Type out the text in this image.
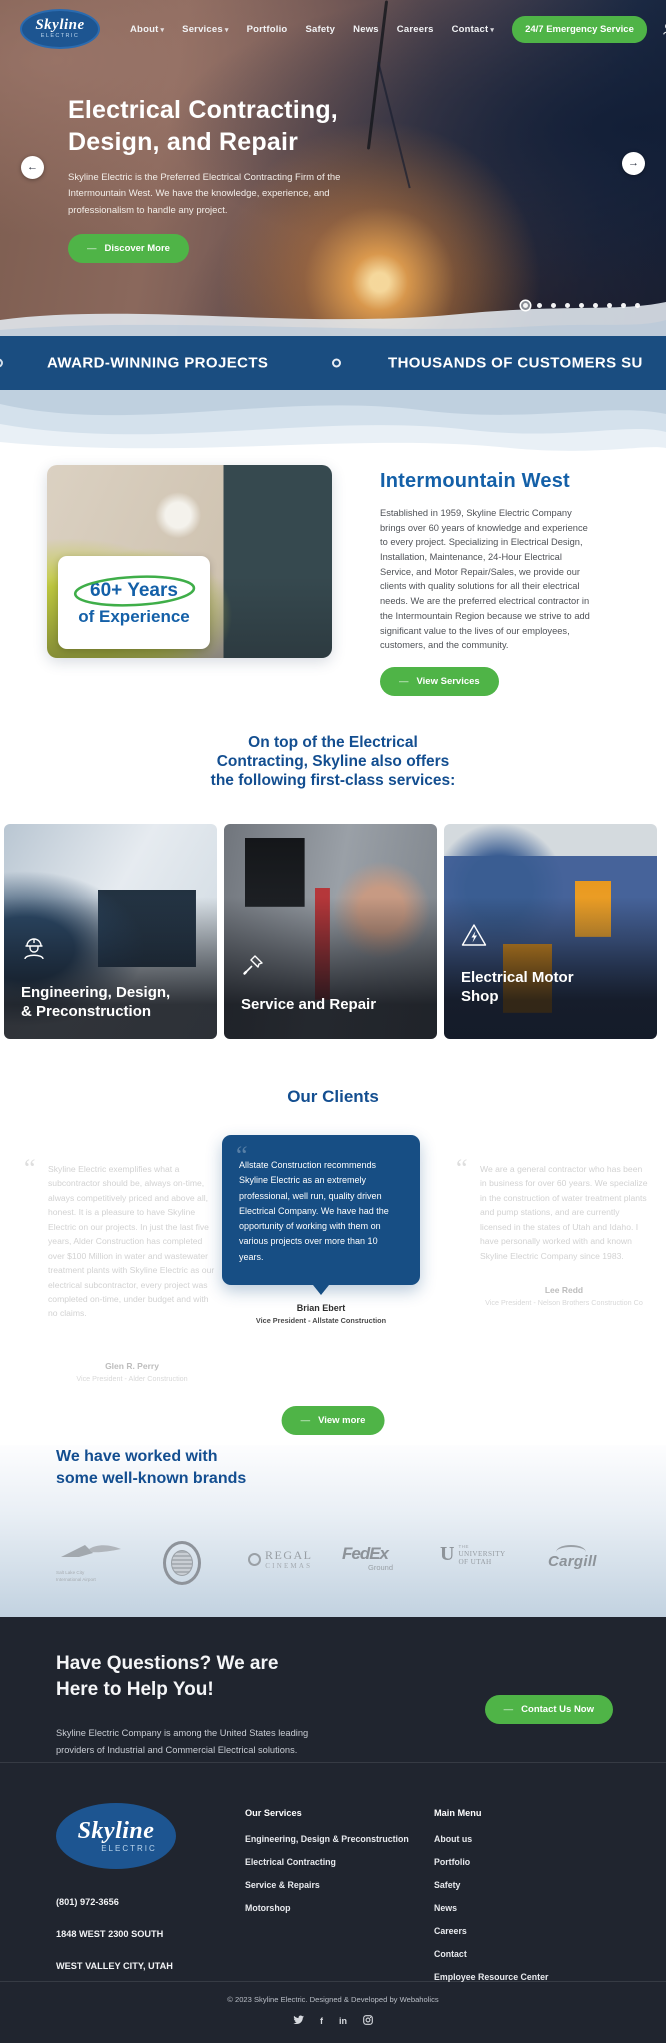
Skyline
ELECTRIC
About ▾ Services ▾ Portfolio Safety News Careers Contact ▾	24/7 Emergency Service
Electrical Contracting,
Design, and Repair

Skyline Electric is the Preferred Electrical Contracting Firm of the Intermountain West. We have the knowledge, experience, and professionalism to handle any project.

— Discover More
←	→
AWARD-WINNING PROJECTS	THOUSANDS OF CUSTOMERS SU
60+ Years
of Experience
Intermountain West

Established in 1959, Skyline Electric Company brings over 60 years of knowledge and experience to every project. Specializing in Electrical Design, Installation, Maintenance, 24-Hour Electrical Service, and Motor Repair/Sales, we provide our clients with quality solutions for all their electrical needs. We are the preferred electrical contractor in the Intermountain Region because we strive to add significant value to the lives of our employees, customers, and the community.

— View Services
On top of the Electrical
Contracting, Skyline also offers
the following first-class services:
Engineering, Design,
& Preconstruction	Service and Repair
Electrical Motor
Shop
Our Clients
“ Skyline Electric exemplifies what a subcontractor should be, always on-time, always competitively priced and above all, honest. It is a pleasure to have Skyline Electric on our projects. In just the last five years, Alder Construction has completed over $100 Million in water and wastewater treatment plants with Skyline Electric as our electrical subcontractor, every project was completed on-time, under budget and with no claims.

Glen R. Perry
Vice President - Alder Construction
“

Allstate Construction recommends Skyline Electric as an extremely professional, well run, quality driven Electrical Company. We have had the opportunity of working with them on various projects over more than 10 years.

Brian Ebert
Vice President - Allstate Construction
“ We are a general contractor who has been in business for over 60 years. We specialize in the construction of water treatment plants and pump stations, and are currently licensed in the states of Utah and Idaho. I have personally worked with and known Skyline Electric Company since 1983.

Lee Redd
Vice President - Nelson Brothers Construction Co
— View more
We have worked with
some well-known brands
Salt Lake City
International Airport
REGAL
CINEMAS
FedEx
Ground
U THE
UNIVERSITY
OF UTAH	Cargill
Have Questions? We are
Here to Help You!

Skyline Electric Company is among the United States leading
providers of Industrial and Commercial Electrical solutions.

— Contact Us Now
Skyline
ELECTRIC
(801) 972-3656
1848 WEST 2300 SOUTH
WEST VALLEY CITY, UTAH
Our Services
Engineering, Design & Preconstruction
Electrical Contracting
Service & Repairs
Motorshop
Main Menu
About us
Portfolio
Safety
News
Careers
Contact
Employee Resource Center
© 2023 Skyline Electric. Designed & Developed by Webaholics
f in
